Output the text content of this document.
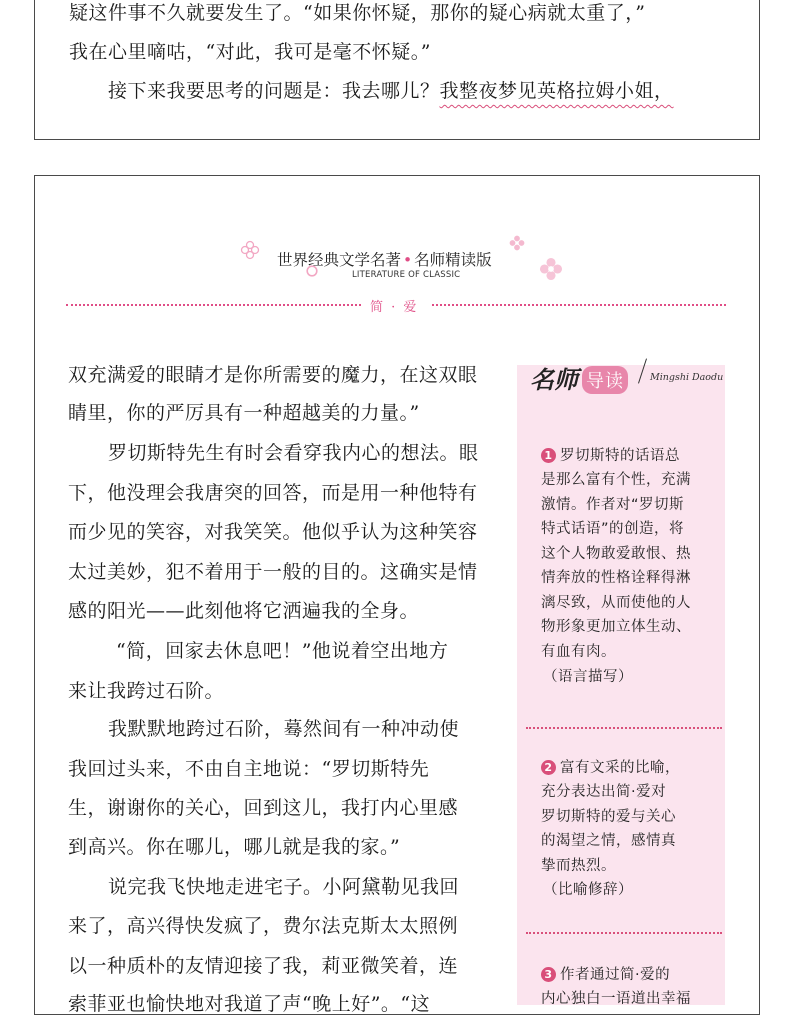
疑这件事不久就要发生了。“如果你怀疑，那你的疑心病就太重了，”
我在心里嘀咕，“对此，我可是毫不怀疑。”
接下来我要思考的问题是：我去哪儿？我整夜梦见英格拉姆小姐，
世界经典文学名著 • 名师精读版
LITERATURE OF CLASSIC
简 · 爱
双充满爱的眼睛才是你所需要的魔力，在这双眼
睛里，你的严厉具有一种超越美的力量。”
罗切斯特先生有时会看穿我内心的想法。眼
下，他没理会我唐突的回答，而是用一种他特有
而少见的笑容，对我笑笑。他似乎认为这种笑容
太过美妙，犯不着用于一般的目的。这确实是情
感的阳光——此刻他将它洒遍我的全身。
“简，回家去休息吧！”他说着空出地方
来让我跨过石阶。
我默默地跨过石阶，蓦然间有一种冲动使
我回过头来，不由自主地说：“罗切斯特先
生，谢谢你的关心，回到这儿，我打内心里感
到高兴。你在哪儿，哪儿就是我的家。”
说完我飞快地走进宅子。小阿黛勒见我回
来了，高兴得快发疯了，费尔法克斯太太照例
以一种质朴的友情迎接了我，莉亚微笑着，连
索菲亚也愉快地对我道了声“晚上好”。“这
名师 导读	Mingshi Daodu
1 罗切斯特的话语总
是那么富有个性，充满
激情。作者对“罗切斯
特式话语”的创造，将
这个人物敢爱敢恨、热
情奔放的性格诠释得淋
漓尽致，从而使他的人
物形象更加立体生动、
有血有肉。
（语言描写）
2 富有文采的比喻，
充分表达出简·爱对
罗切斯特的爱与关心
的渴望之情，感情真
挚而热烈。
（比喻修辞）
3 作者通过简·爱的
内心独白一语道出幸福
